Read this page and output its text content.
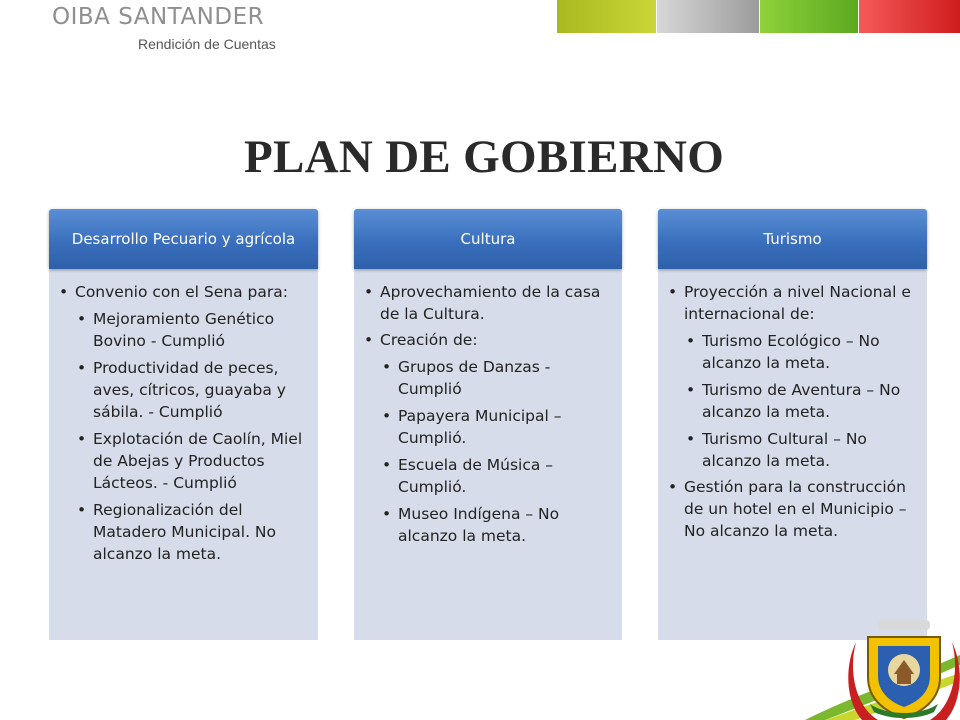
OIBA SANTANDER
Rendición de Cuentas
PLAN DE GOBIERNO
Desarrollo Pecuario y agrícola
• Convenio con el Sena para:
• Mejoramiento Genético Bovino - Cumplió
• Productividad de peces, aves, cítricos, guayaba y sábila. - Cumplió
• Explotación de Caolín, Miel de Abejas y Productos Lácteos. - Cumplió
• Regionalización del Matadero Municipal. No alcanzo la meta.
Cultura
• Aprovechamiento de la casa de la Cultura.
• Creación de:
• Grupos de Danzas - Cumplió
• Papayera Municipal – Cumplió.
• Escuela de Música – Cumplió.
• Museo Indígena – No alcanzo la meta.
Turismo
• Proyección a nivel Nacional e internacional de:
• Turismo Ecológico – No alcanzo la meta.
• Turismo de Aventura – No alcanzo la meta.
• Turismo Cultural – No alcanzo la meta.
• Gestión para la construcción de un hotel en el Municipio – No alcanzo la meta.
